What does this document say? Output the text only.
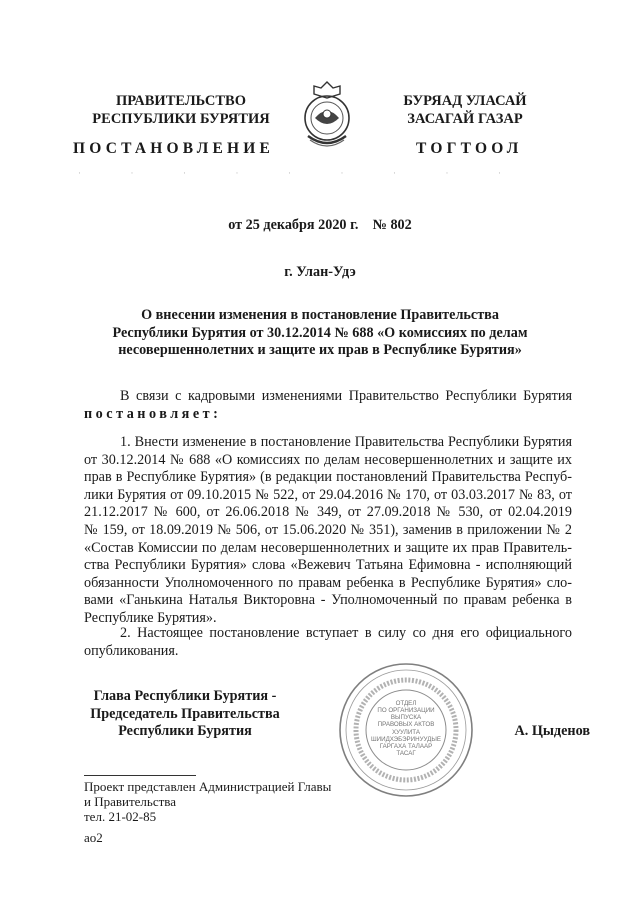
ПРАВИТЕЛЬСТВО
РЕСПУБЛИКИ БУРЯТИЯ
БУРЯАД УЛАСАЙ
ЗАСАГАЙ ГАЗАР
ПОСТАНОВЛЕНИЕ	ТОГТООЛ
·                      ·                      ·                      ·                      ·                      ·                      ·                      ·                      ·
от 25 декабря 2020 г.    № 802
г. Улан-Удэ
О внесении изменения в постановление Правительства
Республики Бурятия от 30.12.2014 № 688 «О комиссиях по делам
несовершеннолетних и защите их прав в Республике Бурятия»
В связи с кадровыми изменениями Правительство Республики Бурятия
постановляет:
1. Внести изменение в постановление Правительства Республики Бурятия
от 30.12.2014 № 688 «О комиссиях по делам несовершеннолетних и защите их
прав в Республике Бурятия» (в редакции постановлений Правительства Респуб-
лики Бурятия от 09.10.2015 № 522, от 29.04.2016 № 170, от 03.03.2017 № 83, от
21.12.2017 № 600, от 26.06.2018 № 349, от 27.09.2018 № 530, от 02.04.2019
№ 159, от 18.09.2019 № 506, от 15.06.2020 № 351), заменив в приложении № 2
«Состав Комиссии по делам несовершеннолетних и защите их прав Правитель-
ства Республики Бурятия» слова «Вежевич Татьяна Ефимовна - исполняющий
обязанности Уполномоченного по правам ребенка в Республике Бурятия» сло-
вами «Ганькина Наталья Викторовна - Уполномоченный по правам ребенка в
Республике Бурятия».
2. Настоящее постановление вступает в силу со дня его официального
опубликования.
Глава Республики Бурятия -
Председатель Правительства
Республики Бурятия
ОТДЕЛ
ПО ОРГАНИЗАЦИИ
ВЫПУСКА
ПРАВОВЫХ АКТОВ
ХУУЛИТА
ШИИДХЭБЭРИНУУДЫЕ
ГАРГАХА ТАЛААР
ТАСАГ
А. Цыденов
Проект представлен Администрацией Главы
и Правительства
тел. 21-02-85
ао2
